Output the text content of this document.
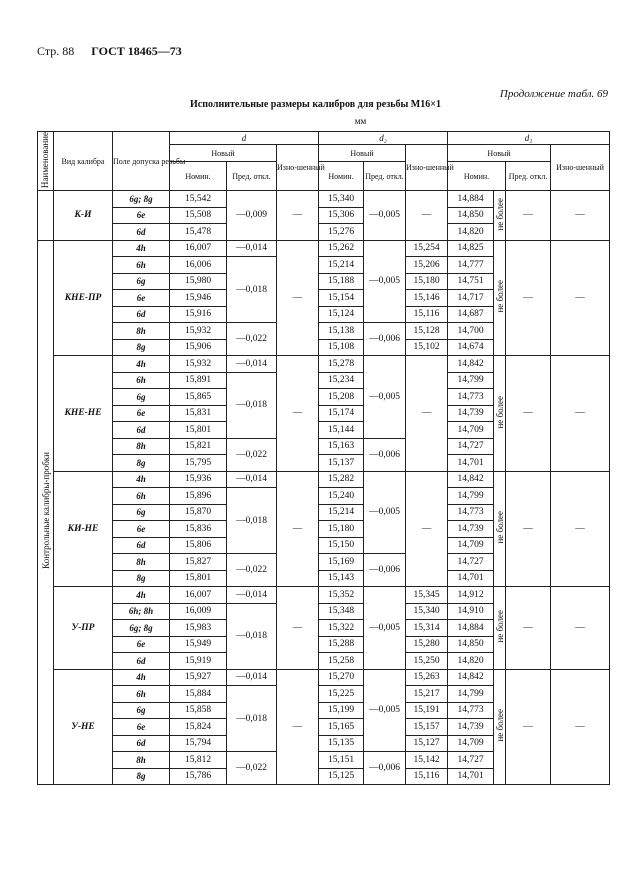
Стр. 88 ГОСТ 18465—73
Продолжение табл. 69
Исполнительные размеры калибров для резьбы M16×1
мм
Наименование	Вид калибра	Поле допуска резьбы	d			d₂			d₁			
			Новый		Изно-шенный	Новый		Изно-шенный	Новый			Изно-шенный
			Номин.	Пред. откл.		Номин.	Пред. откл.		Номин.		Пред. откл.	
	К-И	6g; 8g	15,542	—0,009	—	15,340	—0,005	—	14,884	не более	—	—
		6e	15,508			15,306			14,850			
		6d	15,478			15,276			14,820			
Контрольные калибры-пробки	КНЕ-ПР	4h	16,007	—0,014	—	15,262	—0,005	15,254	14,825	не более	—	—
		6h	16,006	—0,018		15,214		15,206	14,777			
		6g	15,980			15,188		15,180	14,751			
		6e	15,946			15,154		15,146	14,717			
		6d	15,916			15,124		15,116	14,687			
		8h	15,932	—0,022		15,138	—0,006	15,128	14,700			
		8g	15,906			15,108		15,102	14,674			
	КНЕ-НЕ	4h	15,932	—0,014	—	15,278	—0,005	—	14,842	не более	—	—
		6h	15,891	—0,018		15,234			14,799			
		6g	15,865			15,208			14,773			
		6e	15,831			15,174			14,739			
		6d	15,801			15,144			14,709			
		8h	15,821	—0,022		15,163	—0,006		14,727			
		8g	15,795			15,137			14,701			
	КИ-НЕ	4h	15,936	—0,014	—	15,282	—0,005	—	14,842	не более	—	—
		6h	15,896	—0,018		15,240			14,799			
		6g	15,870			15,214			14,773			
		6e	15,836			15,180			14,739			
		6d	15,806			15,150			14,709			
		8h	15,827	—0,022		15,169	—0,006		14,727			
		8g	15,801			15,143			14,701			
	У-ПР	4h	16,007	—0,014	—	15,352	—0,005	15,345	14,912	не более	—	—
		6h; 8h	16,009	—0,018		15,348		15,340	14,910			
		6g; 8g	15,983			15,322		15,314	14,884			
		6e	15,949			15,288		15,280	14,850			
		6d	15,919			15,258		15,250	14,820			
	У-НЕ	4h	15,927	—0,014	—	15,270	—0,005	15,263	14,842	не более	—	—
		6h	15,884	—0,018		15,225		15,217	14,799			
		6g	15,858			15,199		15,191	14,773			
		6e	15,824			15,165		15,157	14,739			
		6d	15,794			15,135		15,127	14,709			
		8h	15,812	—0,022		15,151	—0,006	15,142	14,727			
		8g	15,786			15,125		15,116	14,701			
